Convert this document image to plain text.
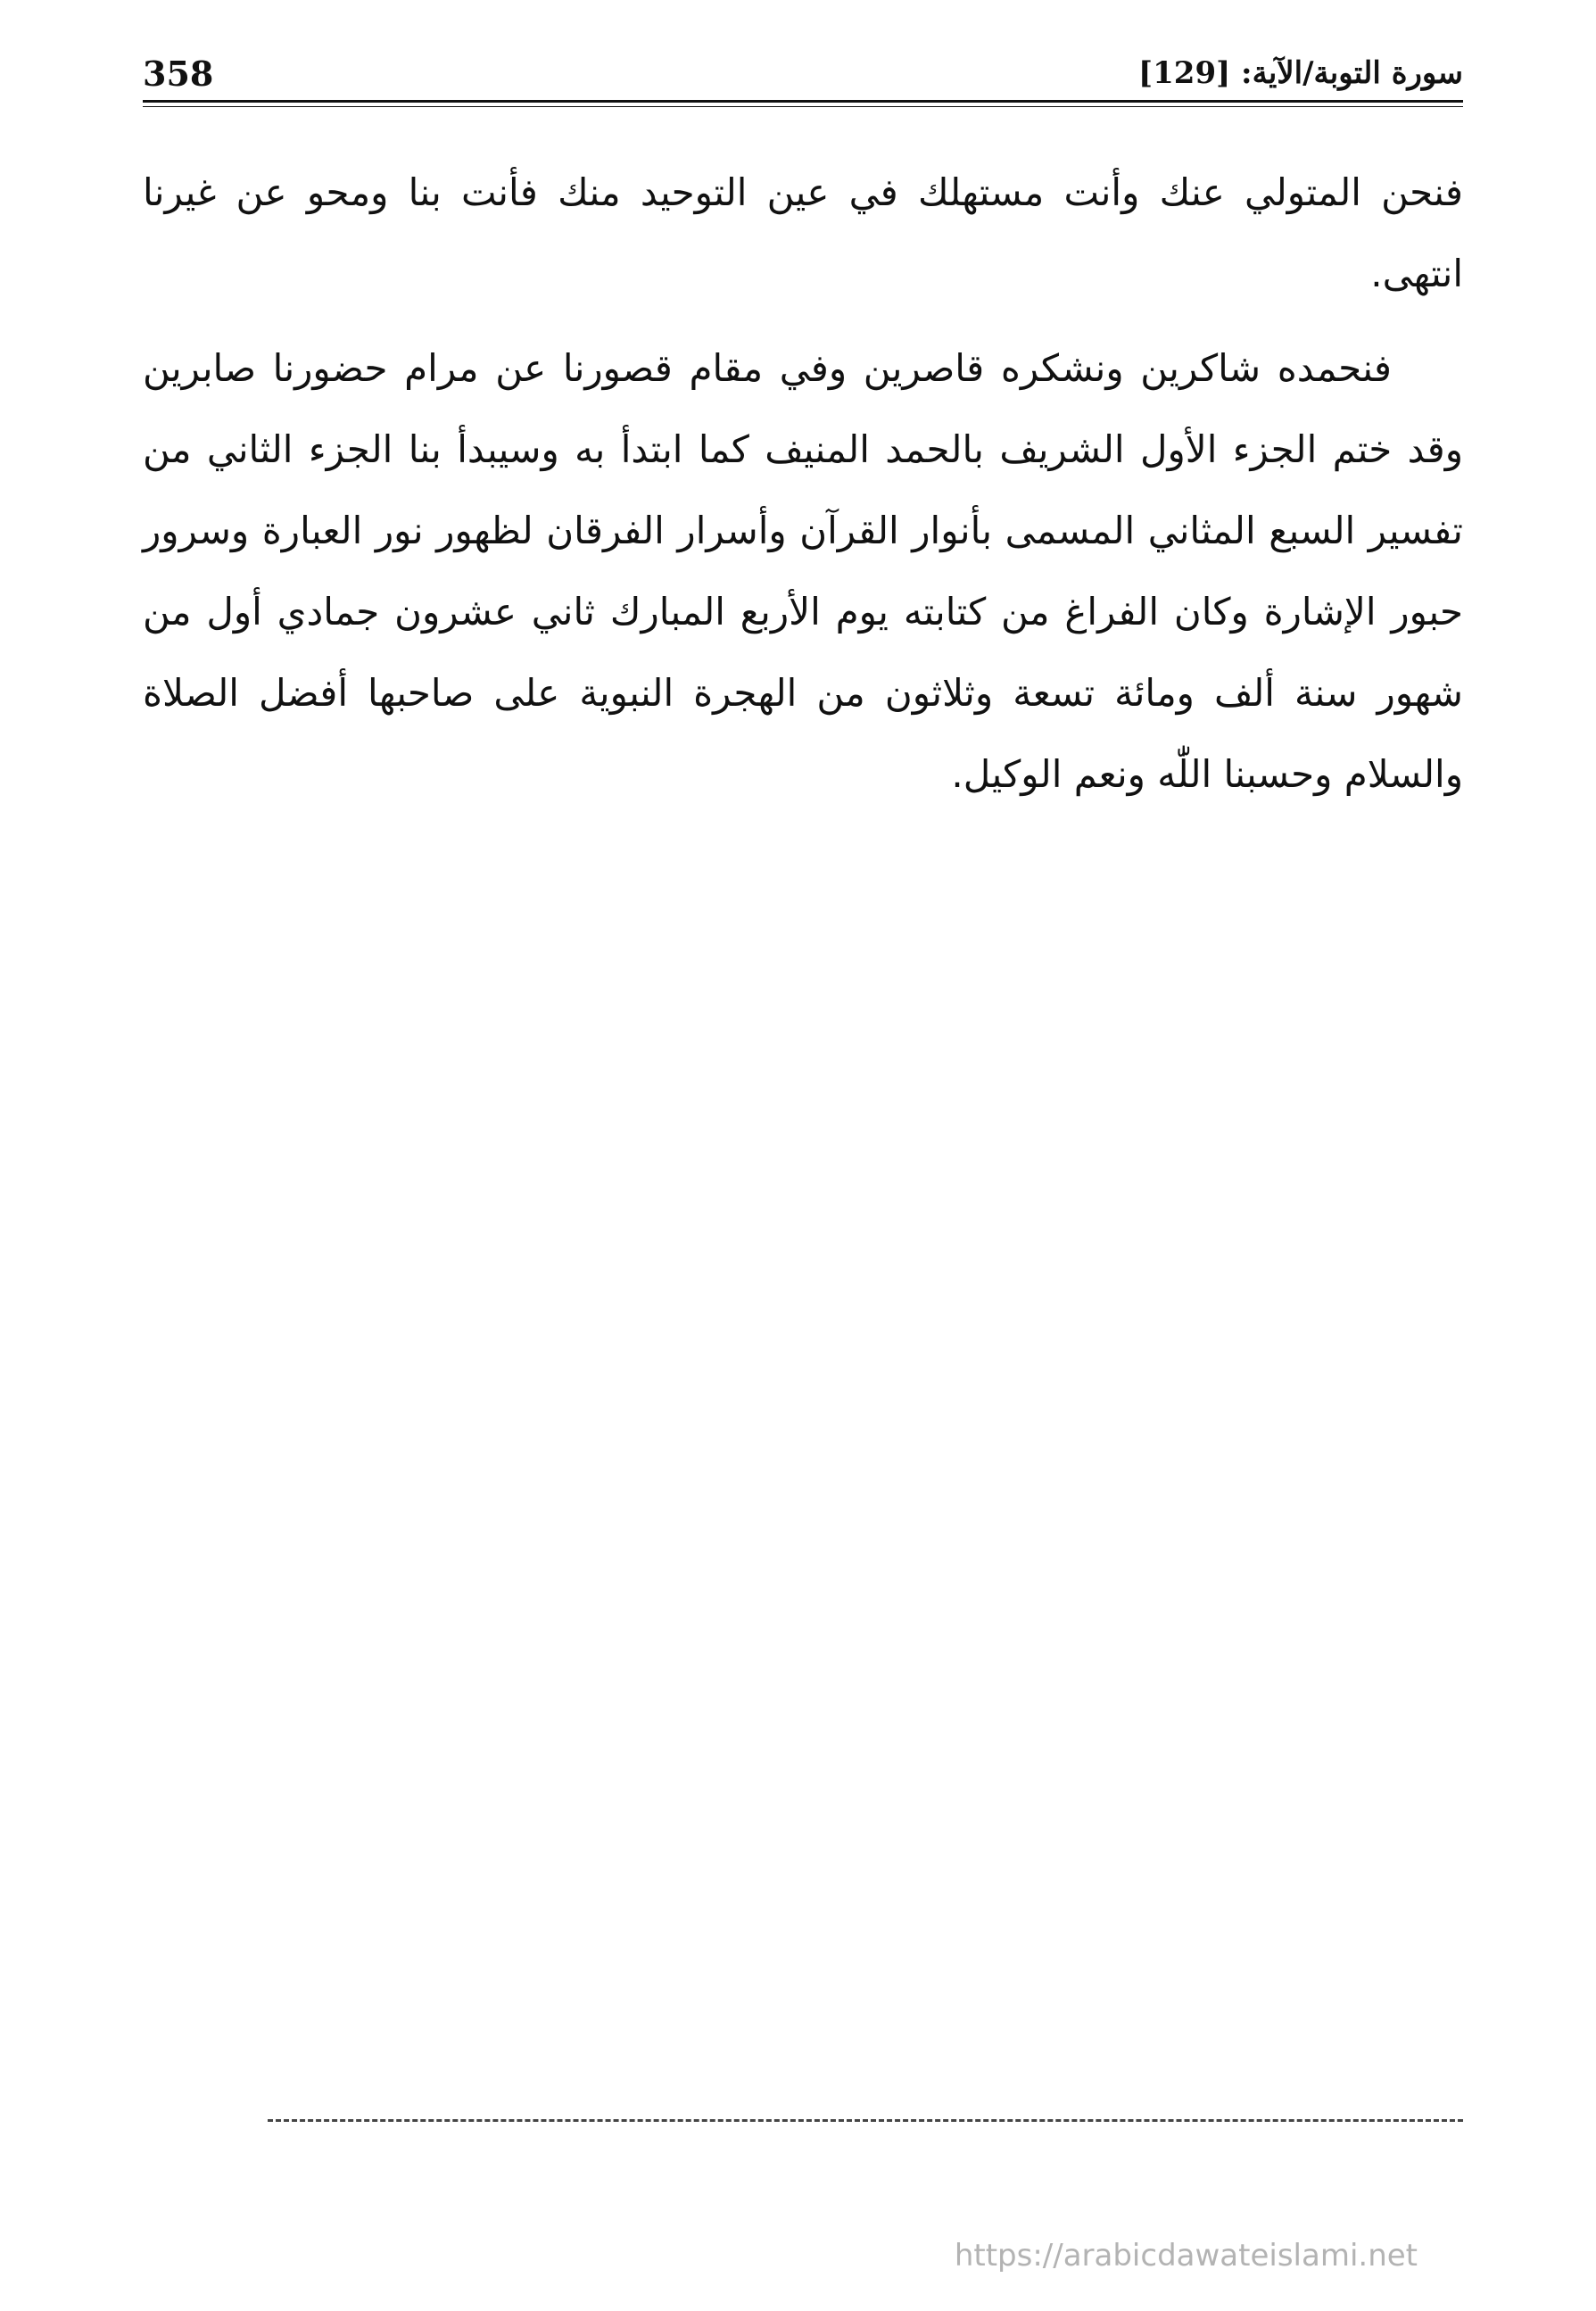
358	سورة التوبة/الآية: [129]

فنحن المتولي عنك وأنت مستهلك في عين التوحيد منك فأنت بنا ومحو عن غيرنا انتهى.

فنحمده شاكرين ونشكره قاصرين وفي مقام قصورنا عن مرام حضورنا صابرين وقد ختم الجزء الأول الشريف بالحمد المنيف كما ابتدأ به وسيبدأ بنا الجزء الثاني من تفسير السبع المثاني المسمى بأنوار القرآن وأسرار الفرقان لظهور نور العبارة وسرور حبور الإشارة وكان الفراغ من كتابته يوم الأربع المبارك ثاني عشرون جمادي أول من شهور سنة ألف ومائة تسعة وثلاثون من الهجرة النبوية على صاحبها أفضل الصلاة والسلام وحسبنا اللّٰه ونعم الوكيل.

https://arabicdawateislami.net
